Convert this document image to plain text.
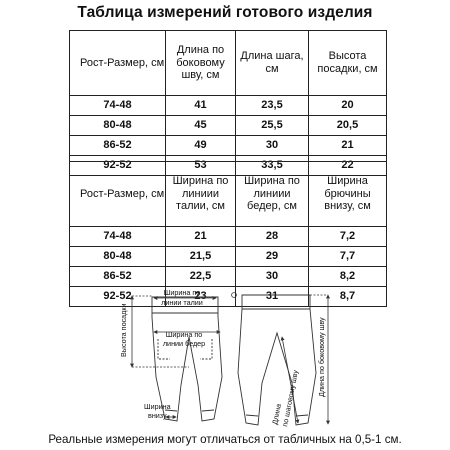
Таблица измерений готового изделия
Рост-Размер, см	Длина по боковому шву, см	Длина шага, см	Высота посадки, см
74-48	41	23,5	20
80-48	45	25,5	20,5
86-52	49	30	21
92-52	53	33,5	22
Рост-Размер, см	Ширина по линиии талии, см	Ширина по линиии бедер, см	Ширина брючины внизу, см
74-48	21	28	7,2
80-48	21,5	29	7,7
86-52	22,5	30	8,2
92-52	23	31	8,7
Ширина по
линии талии
Ширина по
линии бедер
Высота посадки
Ширина
внизу	Длина
по шаговому шву
Длина по боковому шву
Реальные измерения могут отличаться от табличных на 0,5-1 см.
